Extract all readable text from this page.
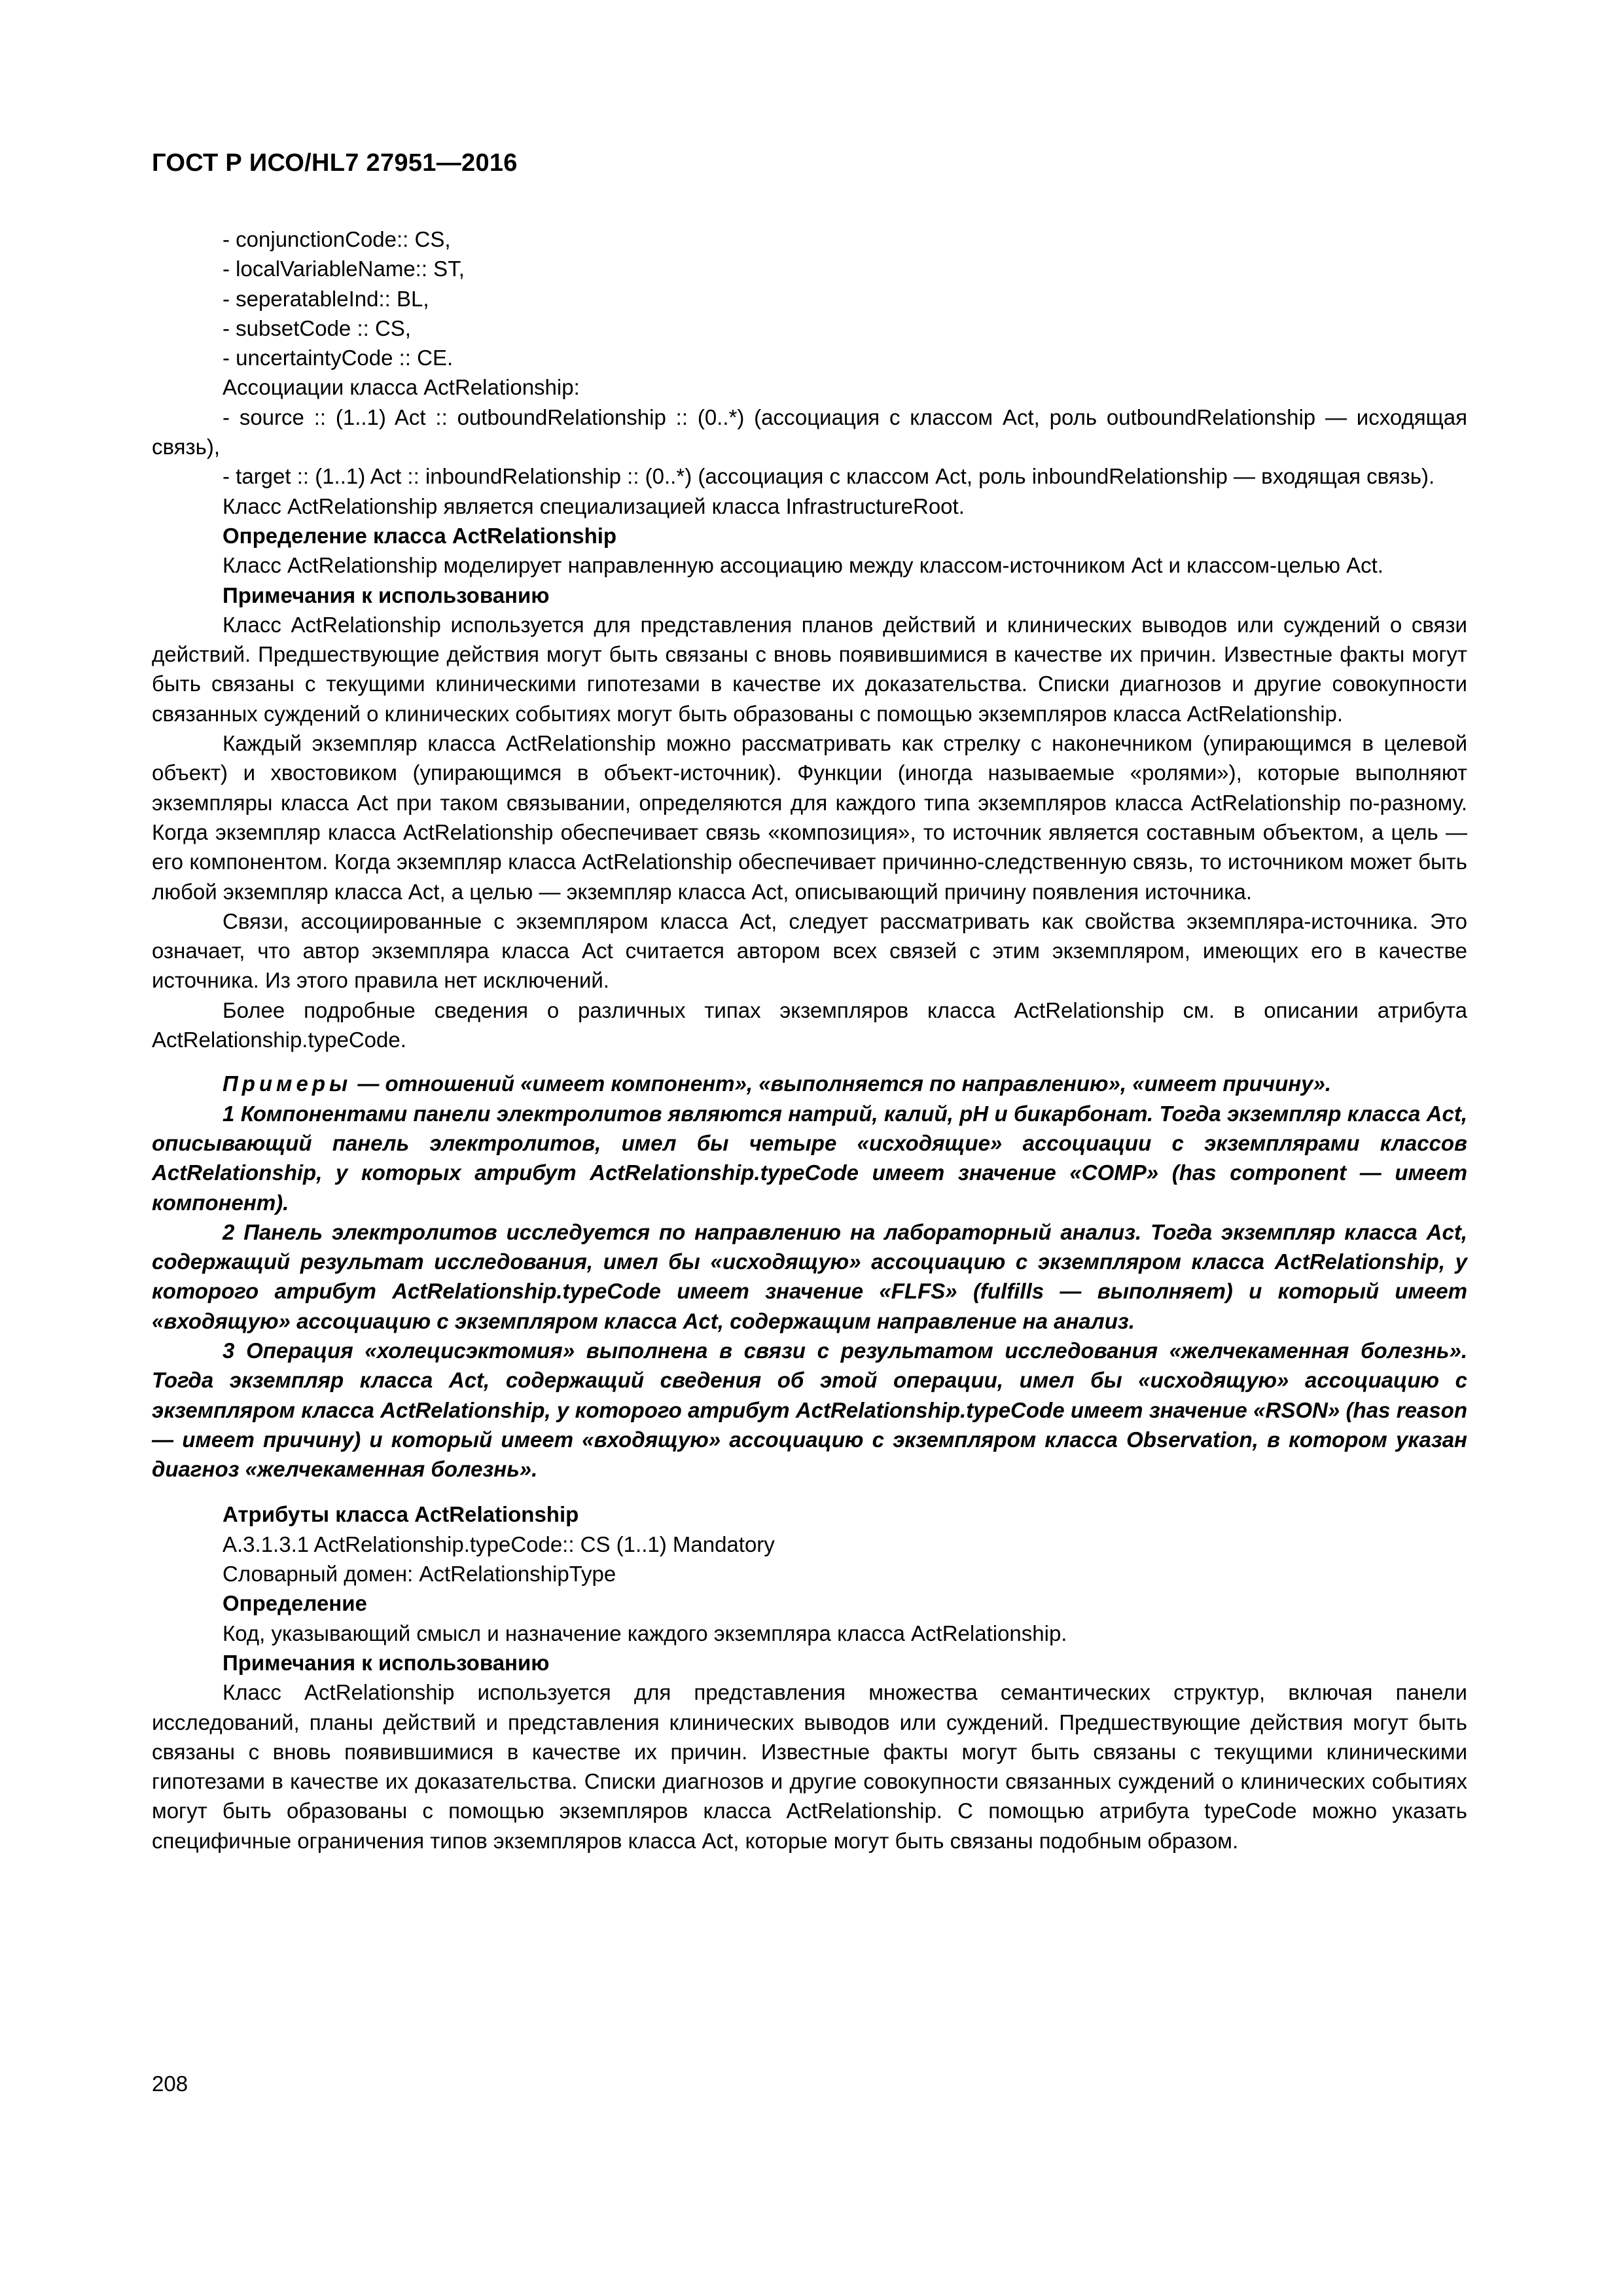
ГОСТ Р ИСО/HL7 27951—2016

- conjunctionCode:: CS,

- localVariableName:: ST,

- seperatableInd:: BL,

- subsetCode :: CS,

- uncertaintyCode :: CE.

Ассоциации класса ActRelationship:

- source :: (1..1) Act :: outboundRelationship :: (0..*) (ассоциация с классом Act, роль outboundRelationship — исходящая связь),

- target :: (1..1) Act :: inboundRelationship :: (0..*) (ассоциация с классом Act, роль inboundRelationship — входящая связь).

Класс ActRelationship является специализацией класса InfrastructureRoot.

Определение класса ActRelationship

Класс ActRelationship моделирует направленную ассоциацию между классом-источником Act и классом-целью Act.

Примечания к использованию

Класс ActRelationship используется для представления планов действий и клинических выводов или суждений о связи действий. Предшествующие действия могут быть связаны с вновь появившимися в качестве их причин. Известные факты могут быть связаны с текущими клиническими гипотезами в качестве их доказательства. Списки диагнозов и другие совокупности связанных суждений о клинических событиях могут быть образованы с помощью экземпляров класса ActRelationship.

Каждый экземпляр класса ActRelationship можно рассматривать как стрелку с наконечником (упирающимся в целевой объект) и хвостовиком (упирающимся в объект-источник). Функции (иногда называемые «ролями»), которые выполняют экземпляры класса Act при таком связывании, определяются для каждого типа экземпляров класса ActRelationship по-разному. Когда экземпляр класса ActRelationship обеспечивает связь «композиция», то источник является составным объектом, а цель — его компонентом. Когда экземпляр класса ActRelationship обеспечивает причинно-следственную связь, то источником может быть любой экземпляр класса Act, а целью — экземпляр класса Act, описывающий причину появления источника.

Связи, ассоциированные с экземпляром класса Act, следует рассматривать как свойства экземпляра-источника. Это означает, что автор экземпляра класса Act считается автором всех связей с этим экземпляром, имеющих его в качестве источника. Из этого правила нет исключений.

Более подробные сведения о различных типах экземпляров класса ActRelationship см. в описании атрибута ActRelationship.typeCode.

Примеры — отношений «имеет компонент», «выполняется по направлению», «имеет причину».

1 Компонентами панели электролитов являются натрий, калий, pH и бикарбонат. Тогда экземпляр класса Act, описывающий панель электролитов, имел бы четыре «исходящие» ассоциации с экземплярами классов ActRelationship, у которых атрибут ActRelationship.typeCode имеет значение «COMP» (has component — имеет компонент).

2 Панель электролитов исследуется по направлению на лабораторный анализ. Тогда экземпляр класса Act, содержащий результат исследования, имел бы «исходящую» ассоциацию с экземпляром класса ActRelationship, у которого атрибут ActRelationship.typeCode имеет значение «FLFS» (fulfills — выполняет) и который имеет «входящую» ассоциацию с экземпляром класса Act, содержащим направление на анализ.

3 Операция «холецисэктомия» выполнена в связи с результатом исследования «желчекаменная болезнь». Тогда экземпляр класса Act, содержащий сведения об этой операции, имел бы «исходящую» ассоциацию с экземпляром класса ActRelationship, у которого атрибут ActRelationship.typeCode имеет значение «RSON» (has reason — имеет причину) и который имеет «входящую» ассоциацию с экземпляром класса Observation, в котором указан диагноз «желчекаменная болезнь».

Атрибуты класса ActRelationship

A.3.1.3.1 ActRelationship.typeCode:: CS (1..1) Mandatory

Словарный домен: ActRelationshipType

Определение

Код, указывающий смысл и назначение каждого экземпляра класса ActRelationship.

Примечания к использованию

Класс ActRelationship используется для представления множества семантических структур, включая панели исследований, планы действий и представления клинических выводов или суждений. Предшествующие действия могут быть связаны с вновь появившимися в качестве их причин. Известные факты могут быть связаны с текущими клиническими гипотезами в качестве их доказательства. Списки диагнозов и другие совокупности связанных суждений о клинических событиях могут быть образованы с помощью экземпляров класса ActRelationship. С помощью атрибута typeCode можно указать специфичные ограничения типов экземпляров класса Act, которые могут быть связаны подобным образом.

208
